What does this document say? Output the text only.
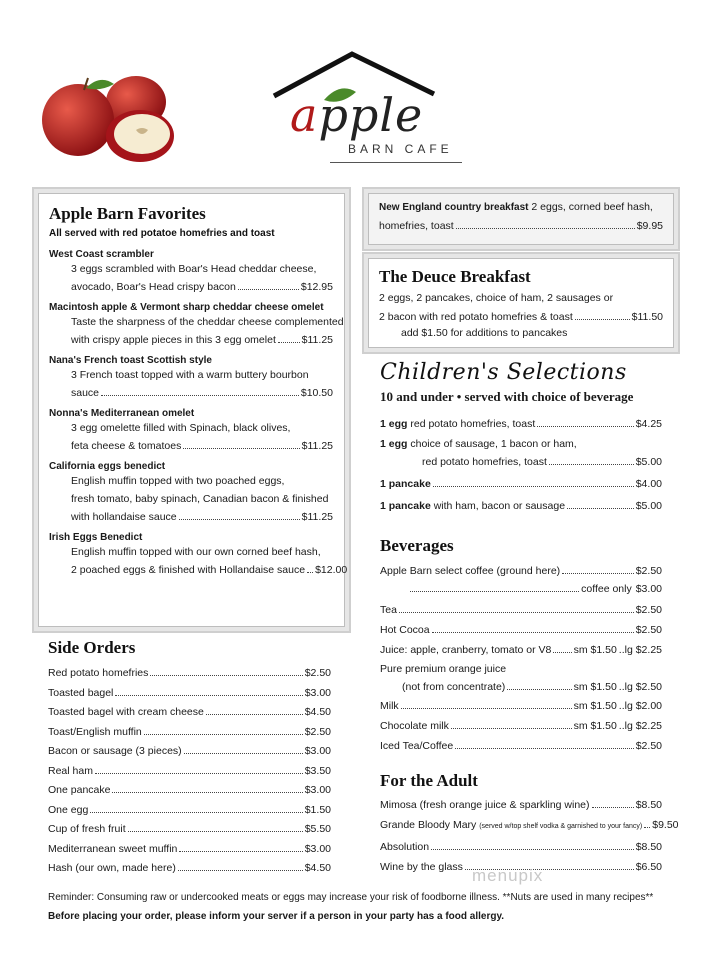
apple
BARN CAFE
Apple Barn Favorites
All served with red potatoe homefries and toast
West Coast scrambler
3 eggs scrambled with Boar's Head cheddar cheese,
avocado, Boar's Head crispy bacon	$12.95
Macintosh apple & Vermont sharp cheddar cheese omelet
Taste the sharpness of the cheddar cheese complemented
with crispy apple pieces in this 3 egg omelet $11.25
Nana's French toast Scottish style
3 French toast topped with a warm buttery bourbon
sauce	$10.50
Nonna's Mediterranean omelet
3 egg omelette filled with Spinach, black olives,
feta cheese & tomatoes	$11.25
California eggs benedict
English muffin topped with two poached eggs,
fresh tomato, baby spinach, Canadian bacon & finished
with hollandaise sauce	$11.25
Irish Eggs Benedict
English muffin topped with our own corned beef hash,
2 poached eggs & finished with Hollandaise sauce $12.00
New England country breakfast 2 eggs, corned beef hash,
homefries, toast	$9.95
The Deuce Breakfast
2 eggs, 2 pancakes, choice of ham, 2 sausages or
2 bacon with red potato homefries & toast	$11.50
add $1.50 for additions to pancakes
Children's Selections
10 and under • served with choice of beverage
1 egg red potato homefries, toast	$4.25
1 egg choice of sausage, 1 bacon or ham,
red potato homefries, toast	$5.00
1 pancake	$4.00
1 pancake with ham, bacon or sausage	$5.00
Beverages
Apple Barn select coffee (ground here)	$2.50
coffee only $3.00
Tea	$2.50
Hot Cocoa	$2.50
Juice: apple, cranberry, tomato or V8 sm $1.50 ..lg $2.25
Pure premium orange juice
(not from concentrate)	sm $1.50 ..lg $2.50
Milk	sm $1.50 ..lg $2.00
Chocolate milk	sm $1.50 ..lg $2.25
Iced Tea/Coffee	$2.50
For the Adult
Mimosa (fresh orange juice & sparkling wine)	$8.50
Grande Bloody Mary (served w/top shelf vodka & garnished to your fancy) $9.50
Absolution	$8.50
Wine by the glass	$6.50
Side Orders
Red potato homefries	$2.50
Toasted bagel	$3.00
Toasted bagel with cream cheese	$4.50
Toast/English muffin	$2.50
Bacon or sausage (3 pieces)	$3.00
Real ham	$3.50
One pancake	$3.00
One egg	$1.50
Cup of fresh fruit	$5.50
Mediterranean sweet muffin	$3.00
Hash (our own, made here)	$4.50	menupix
Reminder: Consuming raw or undercooked meats or eggs may increase your risk of foodborne illness. **Nuts are used in many recipes**
Before placing your order, please inform your server if a person in your party has a food allergy.
